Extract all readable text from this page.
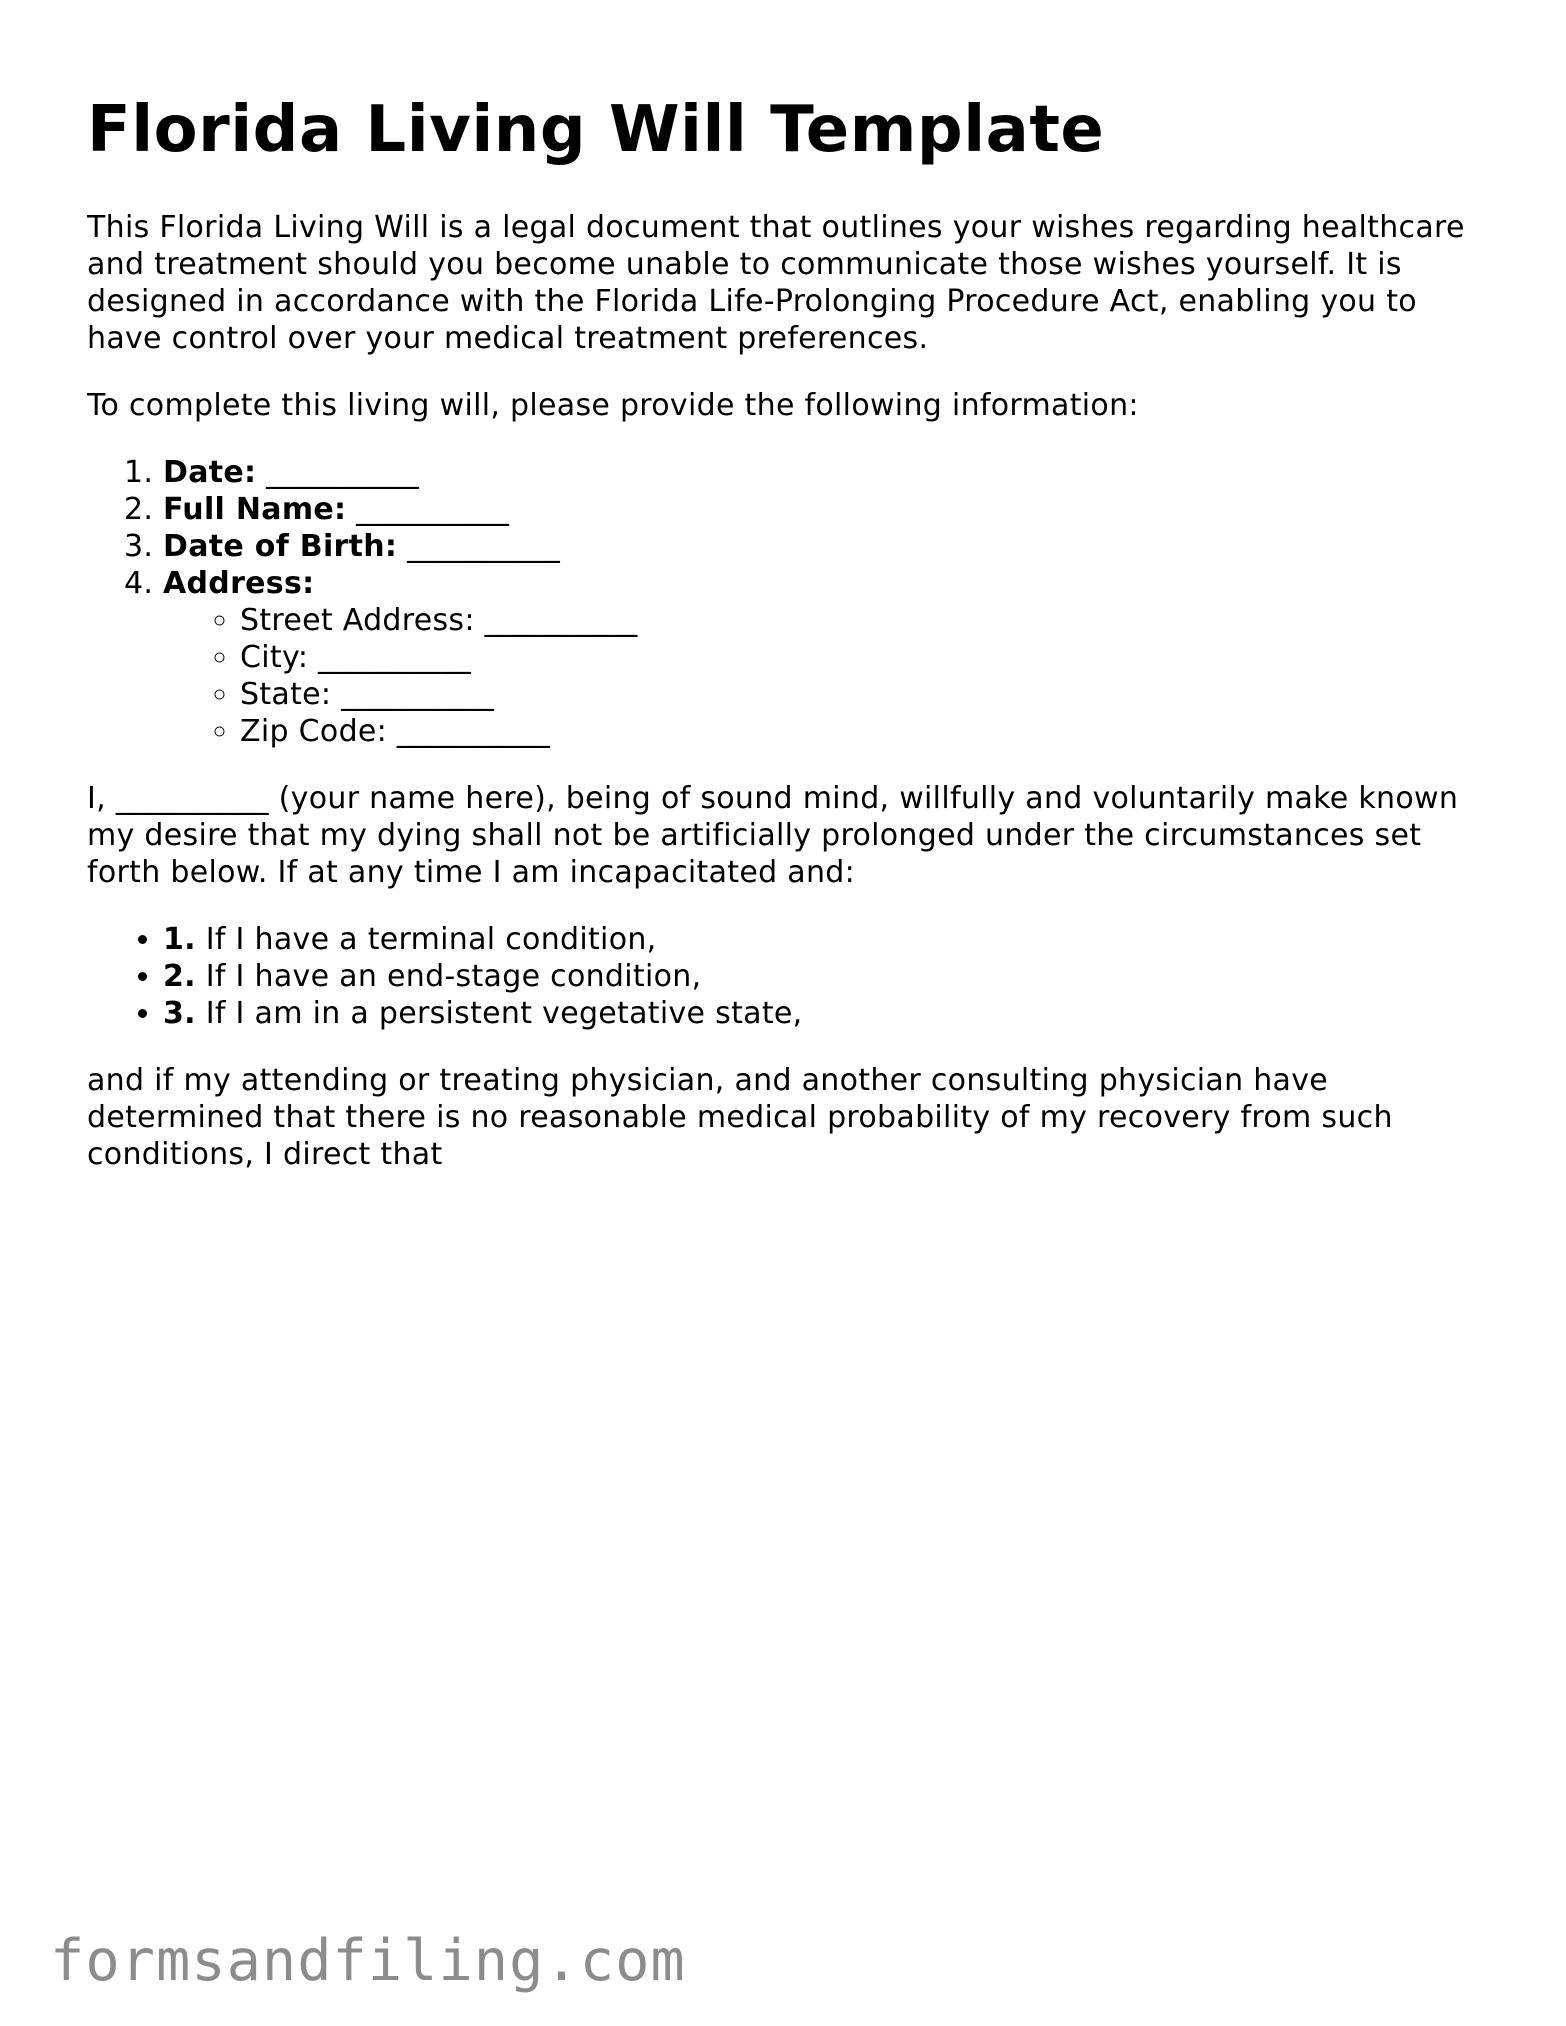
Florida Living Will Template

This Florida Living Will is a legal document that outlines your wishes regarding healthcare and treatment should you become unable to communicate those wishes yourself. It is designed in accordance with the Florida Life-Prolonging Procedure Act, enabling you to have control over your medical treatment preferences.

To complete this living will, please provide the following information:

1. Date: __________
2. Full Name: __________
3. Date of Birth: __________
4. Address:
◦ Street Address: __________
◦ City: __________
◦ State: __________
◦ Zip Code: __________

I, __________ (your name here), being of sound mind, willfully and voluntarily make known my desire that my dying shall not be artificially prolonged under the circumstances set forth below. If at any time I am incapacitated and:

• 1. If I have a terminal condition,
• 2. If I have an end-stage condition,
• 3. If I am in a persistent vegetative state,

and if my attending or treating physician, and another consulting physician have determined that there is no reasonable medical probability of my recovery from such conditions, I direct that

formsandfiling.com
